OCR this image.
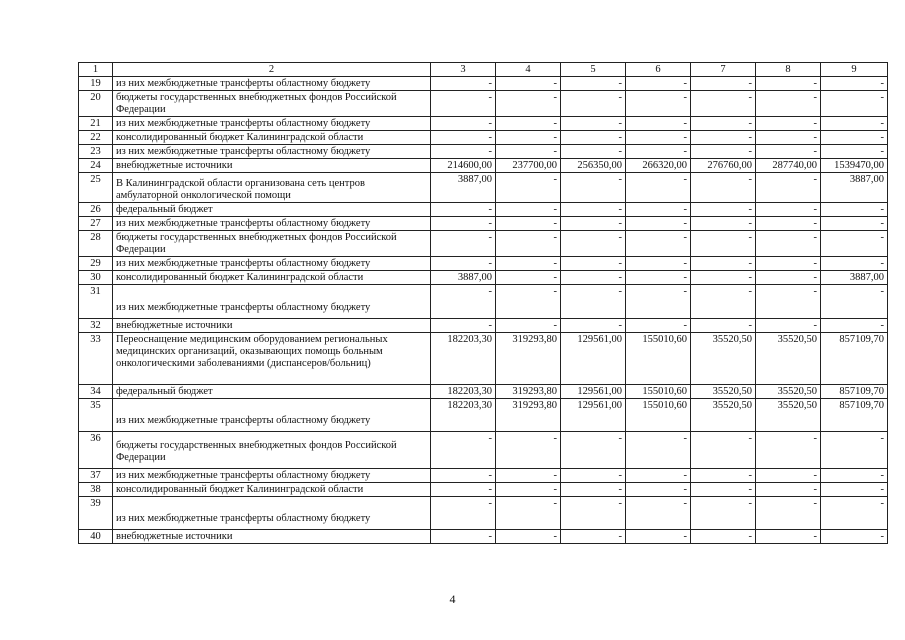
1	2	3	4	5	6	7	8	9
19	из них межбюджетные трансферты областному бюджету	-	-	-	-	-	-	-
20	бюджеты государственных внебюджетных фондов Российской Федерации	-	-	-	-	-	-	-
21	из них межбюджетные трансферты областному бюджету	-	-	-	-	-	-	-
22	консолидированный бюджет Калининградской области	-	-	-	-	-	-	-
23	из них межбюджетные трансферты областному бюджету	-	-	-	-	-	-	-
24	внебюджетные источники	214600,00	237700,00	256350,00	266320,00	276760,00	287740,00	1539470,00
25	В Калининградской области организована сеть центров амбулаторной онкологической помощи	3887,00	-	-	-	-	-	3887,00
26	федеральный бюджет	-	-	-	-	-	-	-
27	из них межбюджетные трансферты областному бюджету	-	-	-	-	-	-	-
28	бюджеты государственных внебюджетных фондов Российской Федерации	-	-	-	-	-	-	-
29	из них межбюджетные трансферты областному бюджету	-	-	-	-	-	-	-
30	консолидированный бюджет Калининградской области	3887,00	-	-	-	-	-	3887,00
31	из них межбюджетные трансферты областному бюджету	-	-	-	-	-	-	-
32	внебюджетные источники	-	-	-	-	-	-	-
33	Переоснащение медицинским оборудованием региональных медицинских организаций, оказывающих помощь больным онкологическими заболеваниями (диспансеров/больниц)	182203,30	319293,80	129561,00	155010,60	35520,50	35520,50	857109,70
34	федеральный бюджет	182203,30	319293,80	129561,00	155010,60	35520,50	35520,50	857109,70
35	из них межбюджетные трансферты областному бюджету	182203,30	319293,80	129561,00	155010,60	35520,50	35520,50	857109,70
36	бюджеты государственных внебюджетных фондов Российской Федерации	-	-	-	-	-	-	-
37	из них межбюджетные трансферты областному бюджету	-	-	-	-	-	-	-
38	консолидированный бюджет Калининградской области	-	-	-	-	-	-	-
39	из них межбюджетные трансферты областному бюджету	-	-	-	-	-	-	-
40	внебюджетные источники	-	-	-	-	-	-	-
4
